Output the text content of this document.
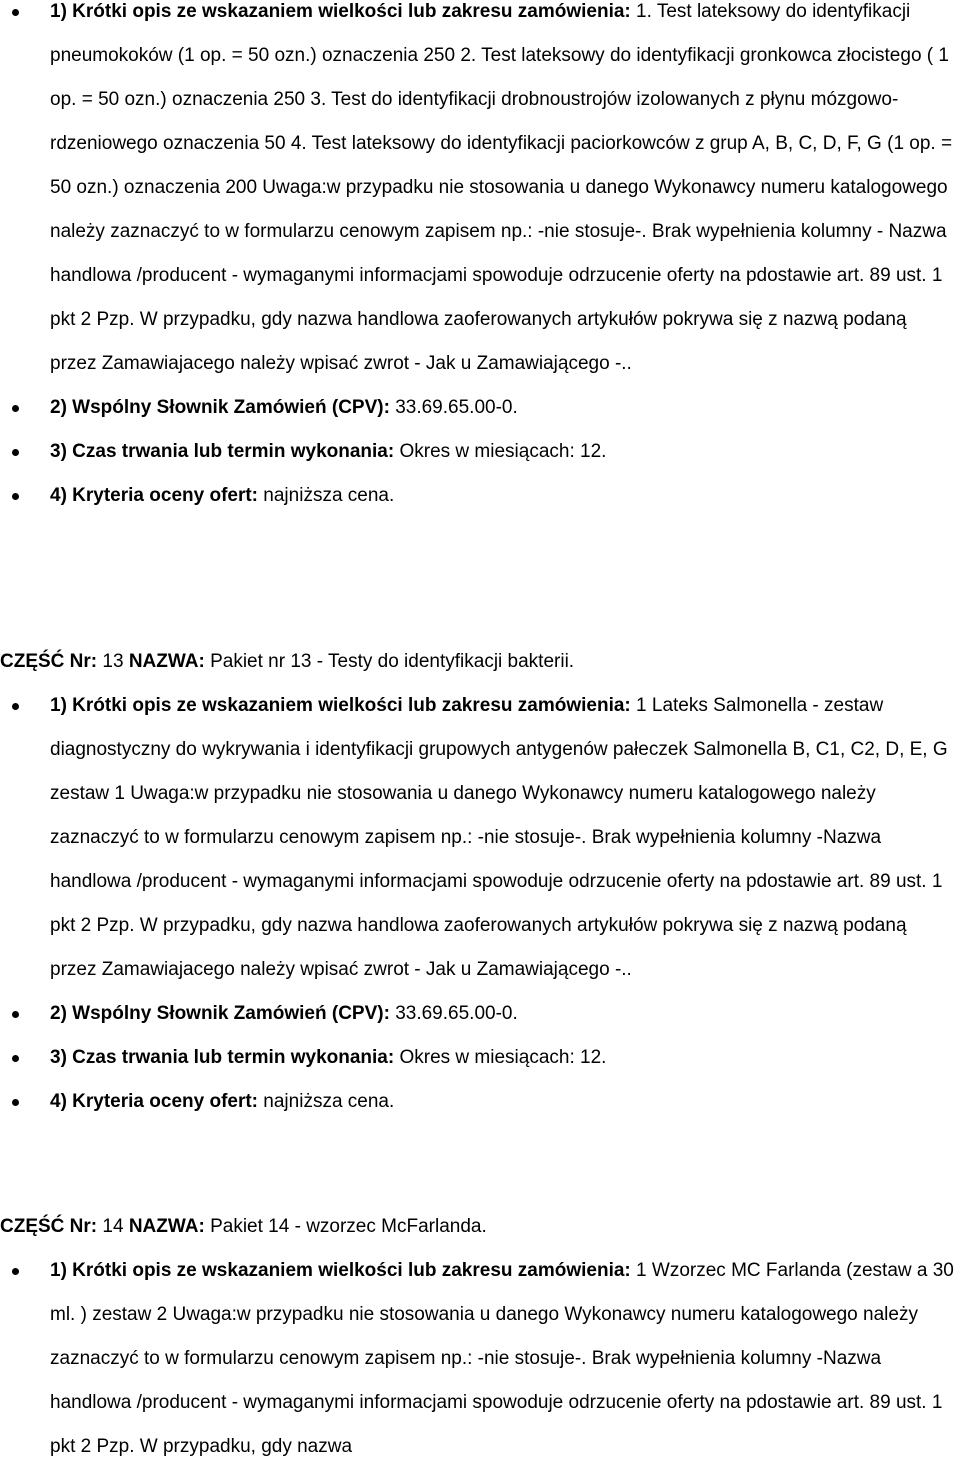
1) Krótki opis ze wskazaniem wielkości lub zakresu zamówienia: 1. Test lateksowy do identyfikacji pneumokoków (1 op. = 50 ozn.) oznaczenia 250 2. Test lateksowy do identyfikacji gronkowca złocistego ( 1 op. = 50 ozn.) oznaczenia 250 3. Test do identyfikacji drobnoustrojów izolowanych z płynu mózgowo- rdzeniowego oznaczenia 50 4. Test lateksowy do identyfikacji paciorkowców z grup A, B, C, D, F, G (1 op. = 50 ozn.) oznaczenia 200 Uwaga:w przypadku nie stosowania u danego Wykonawcy numeru katalogowego należy zaznaczyć to w formularzu cenowym zapisem np.: -nie stosuje-. Brak wypełnienia kolumny - Nazwa handlowa /producent - wymaganymi informacjami spowoduje odrzucenie oferty na pdostawie art. 89 ust. 1 pkt 2 Pzp. W przypadku, gdy nazwa handlowa zaoferowanych artykułów pokrywa się z nazwą podaną przez Zamawiajacego należy wpisać zwrot - Jak u Zamawiającego -..
2) Wspólny Słownik Zamówień (CPV): 33.69.65.00-0.
3) Czas trwania lub termin wykonania: Okres w miesiącach: 12.
4) Kryteria oceny ofert: najniższa cena.
CZĘŚĆ Nr: 13 NAZWA: Pakiet nr 13 - Testy do identyfikacji bakterii.
1) Krótki opis ze wskazaniem wielkości lub zakresu zamówienia: 1 Lateks Salmonella - zestaw diagnostyczny do wykrywania i identyfikacji grupowych antygenów pałeczek Salmonella B, C1, C2, D, E, G zestaw 1 Uwaga:w przypadku nie stosowania u danego Wykonawcy numeru katalogowego należy zaznaczyć to w formularzu cenowym zapisem np.: -nie stosuje-. Brak wypełnienia kolumny -Nazwa handlowa /producent - wymaganymi informacjami spowoduje odrzucenie oferty na pdostawie art. 89 ust. 1 pkt 2 Pzp. W przypadku, gdy nazwa handlowa zaoferowanych artykułów pokrywa się z nazwą podaną przez Zamawiajacego należy wpisać zwrot - Jak u Zamawiającego -..
2) Wspólny Słownik Zamówień (CPV): 33.69.65.00-0.
3) Czas trwania lub termin wykonania: Okres w miesiącach: 12.
4) Kryteria oceny ofert: najniższa cena.
CZĘŚĆ Nr: 14 NAZWA: Pakiet 14 - wzorzec McFarlanda.
1) Krótki opis ze wskazaniem wielkości lub zakresu zamówienia: 1 Wzorzec MC Farlanda (zestaw a 30 ml. ) zestaw 2 Uwaga:w przypadku nie stosowania u danego Wykonawcy numeru katalogowego należy zaznaczyć to w formularzu cenowym zapisem np.: -nie stosuje-. Brak wypełnienia kolumny -Nazwa handlowa /producent - wymaganymi informacjami spowoduje odrzucenie oferty na pdostawie art. 89 ust. 1 pkt 2 Pzp. W przypadku, gdy nazwa
